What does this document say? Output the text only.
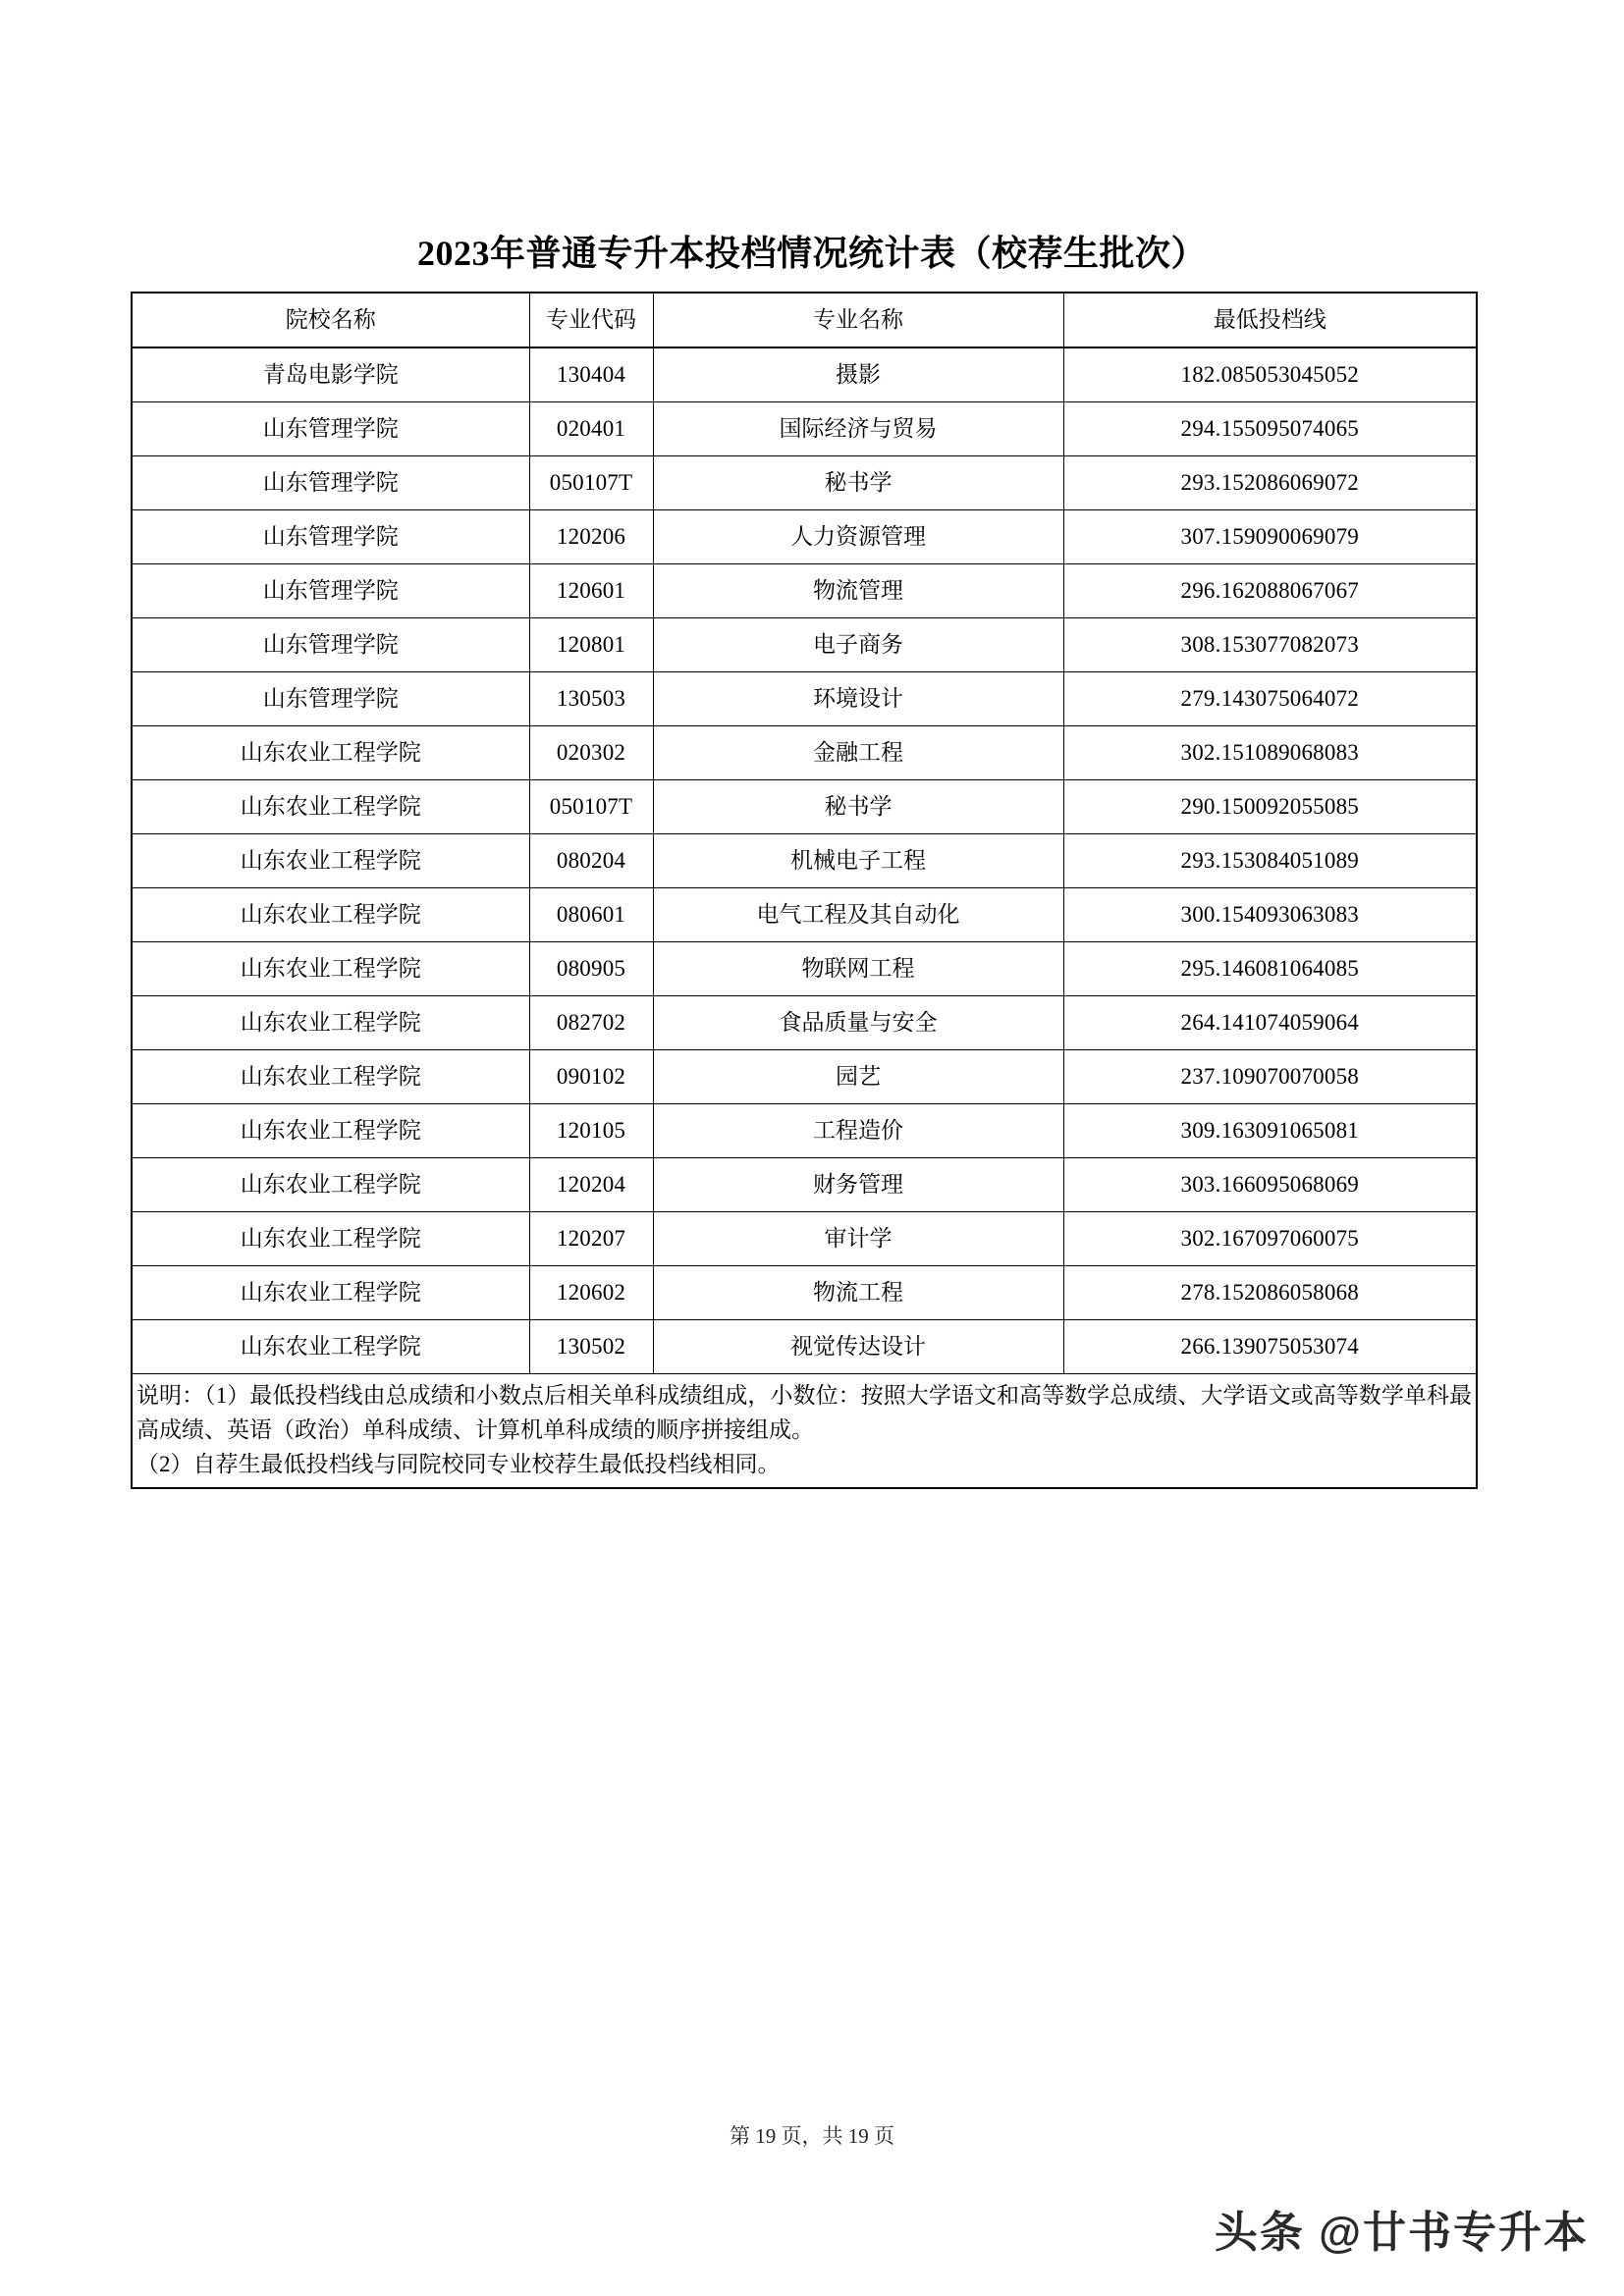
2023年普通专升本投档情况统计表（校荐生批次）
院校名称	专业代码	专业名称	最低投档线
青岛电影学院	130404	摄影	182.085053045052
山东管理学院	020401	国际经济与贸易	294.155095074065
山东管理学院	050107T	秘书学	293.152086069072
山东管理学院	120206	人力资源管理	307.159090069079
山东管理学院	120601	物流管理	296.162088067067
山东管理学院	120801	电子商务	308.153077082073
山东管理学院	130503	环境设计	279.143075064072
山东农业工程学院	020302	金融工程	302.151089068083
山东农业工程学院	050107T	秘书学	290.150092055085
山东农业工程学院	080204	机械电子工程	293.153084051089
山东农业工程学院	080601	电气工程及其自动化	300.154093063083
山东农业工程学院	080905	物联网工程	295.146081064085
山东农业工程学院	082702	食品质量与安全	264.141074059064
山东农业工程学院	090102	园艺	237.109070070058
山东农业工程学院	120105	工程造价	309.163091065081
山东农业工程学院	120204	财务管理	303.166095068069
山东农业工程学院	120207	审计学	302.167097060075
山东农业工程学院	120602	物流工程	278.152086058068
山东农业工程学院	130502	视觉传达设计	266.139075053074

说明：（1）最低投档线由总成绩和小数点后相关单科成绩组成，小数位：按照大学语文和高等数学总成绩、大学语文或高等数学单科最高成绩、英语（政治）单科成绩、计算机单科成绩的顺序拼接组成。
（2）自荐生最低投档线与同院校同专业校荐生最低投档线相同。			
第 19 页，共 19 页
头条 @廿书专升本
